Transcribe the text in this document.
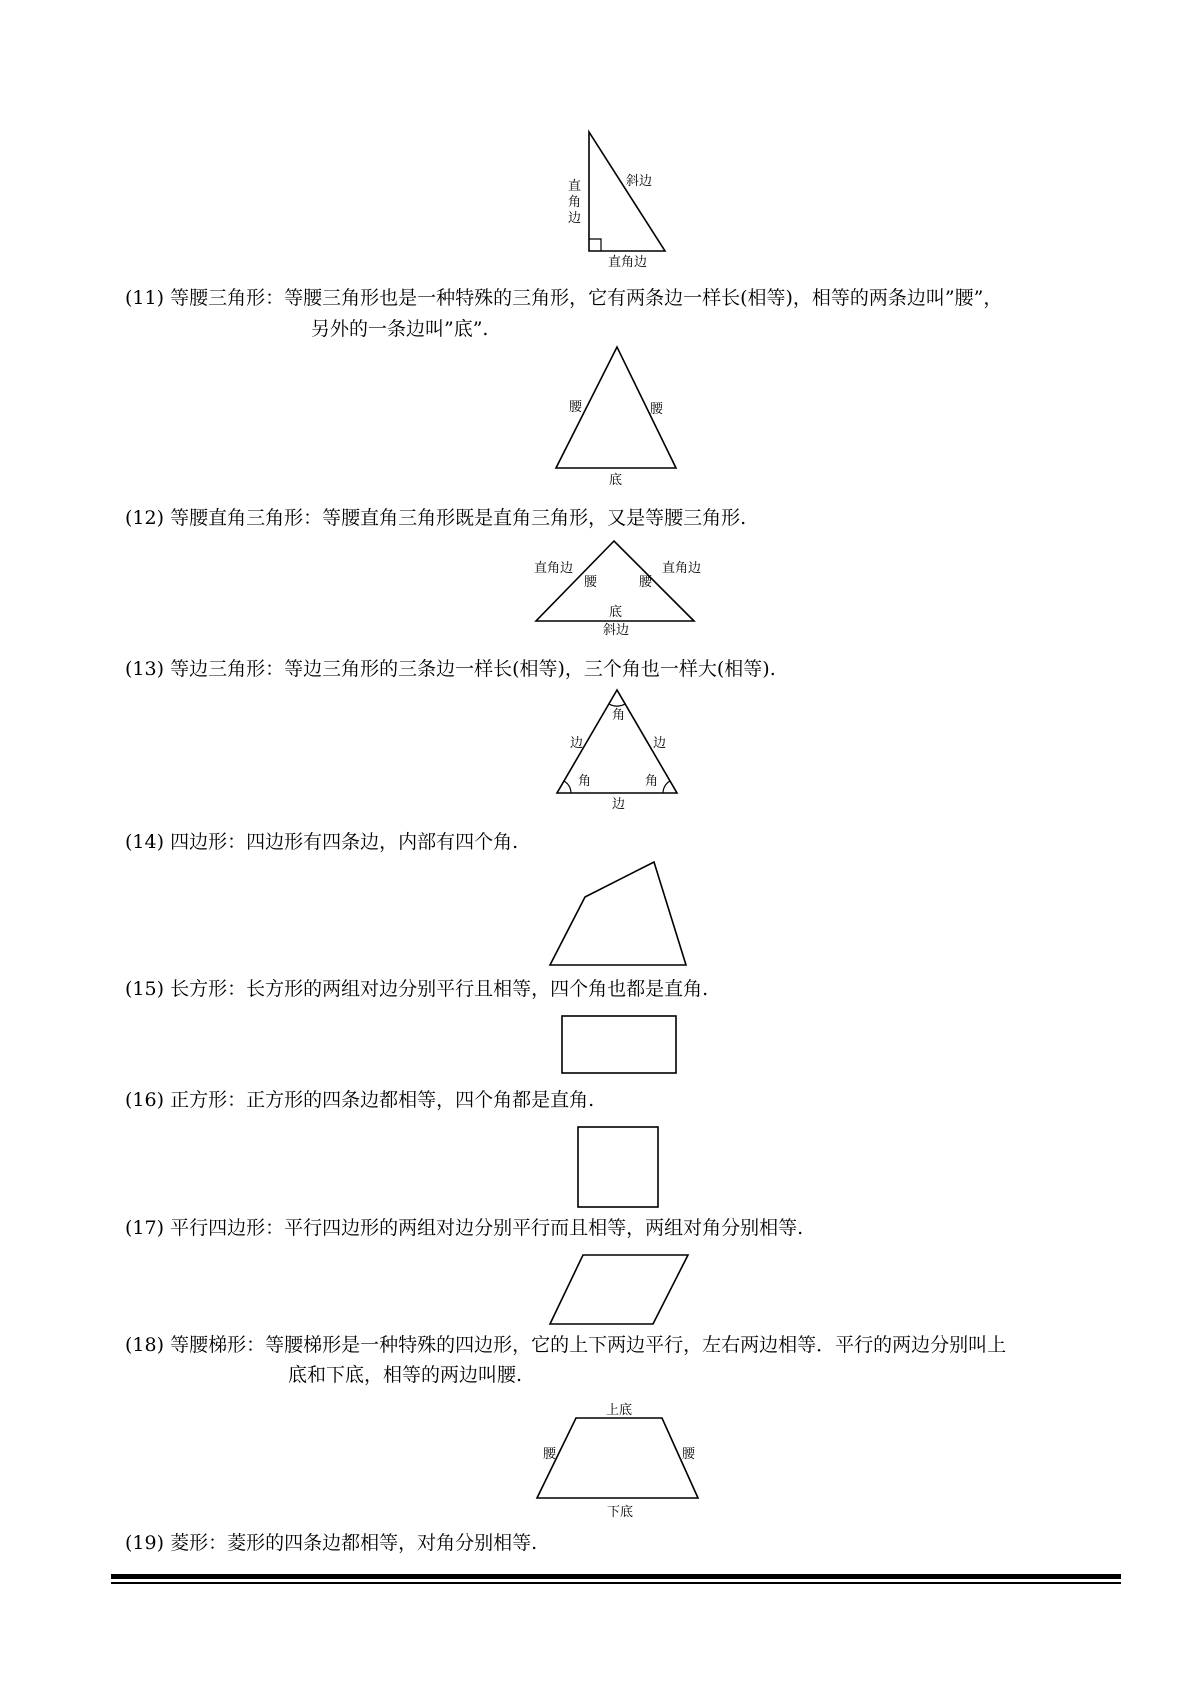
直
角
边
斜边
直角边
腰	腰
底
直角边	直角边
腰	腰
底
斜边
角
边	边
角	角
边
上底
腰	腰
下底
(11) 等腰三角形：等腰三角形也是一种特殊的三角形，它有两条边一样长(相等)，相等的两条边叫”腰”，
另外的一条边叫”底”.
(12) 等腰直角三角形：等腰直角三角形既是直角三角形，又是等腰三角形.
(13) 等边三角形：等边三角形的三条边一样长(相等)，三个角也一样大(相等).
(14) 四边形：四边形有四条边，内部有四个角.
(15) 长方形：长方形的两组对边分别平行且相等，四个角也都是直角.
(16) 正方形：正方形的四条边都相等，四个角都是直角.
(17) 平行四边形：平行四边形的两组对边分别平行而且相等，两组对角分别相等.
(18) 等腰梯形：等腰梯形是一种特殊的四边形，它的上下两边平行，左右两边相等．平行的两边分别叫上
底和下底，相等的两边叫腰.
(19) 菱形：菱形的四条边都相等，对角分别相等.
